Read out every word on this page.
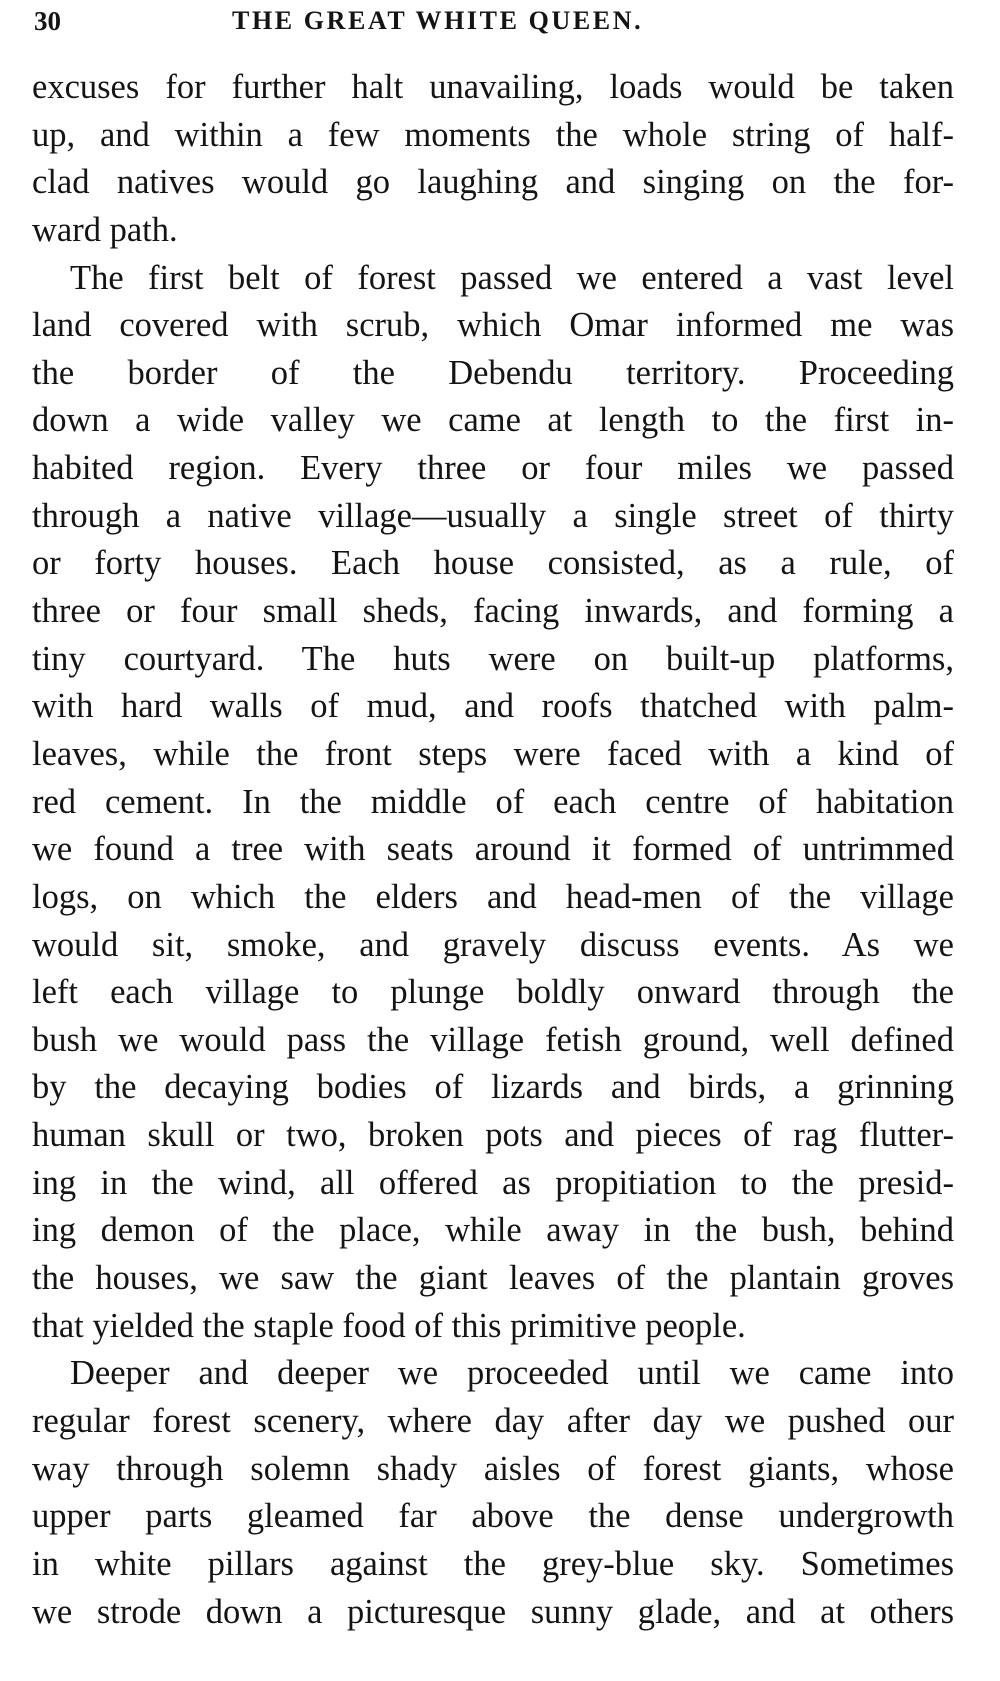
30	THE GREAT WHITE QUEEN.
excuses for further halt unavailing, loads would be taken
up, and within a few moments the whole string of half-
clad natives would go laughing and singing on the for-
ward path.
The first belt of forest passed we entered a vast level
land covered with scrub, which Omar informed me was
the border of the Debendu territory. Proceeding
down a wide valley we came at length to the first in-
habited region. Every three or four miles we passed
through a native village—usually a single street of thirty
or forty houses. Each house consisted, as a rule, of
three or four small sheds, facing inwards, and forming a
tiny courtyard. The huts were on built-up platforms,
with hard walls of mud, and roofs thatched with palm-
leaves, while the front steps were faced with a kind of
red cement. In the middle of each centre of habitation
we found a tree with seats around it formed of untrimmed
logs, on which the elders and head-men of the village
would sit, smoke, and gravely discuss events. As we
left each village to plunge boldly onward through the
bush we would pass the village fetish ground, well defined
by the decaying bodies of lizards and birds, a grinning
human skull or two, broken pots and pieces of rag flutter-
ing in the wind, all offered as propitiation to the presid-
ing demon of the place, while away in the bush, behind
the houses, we saw the giant leaves of the plantain groves
that yielded the staple food of this primitive people.
Deeper and deeper we proceeded until we came into
regular forest scenery, where day after day we pushed our
way through solemn shady aisles of forest giants, whose
upper parts gleamed far above the dense undergrowth
in white pillars against the grey-blue sky. Sometimes
we strode down a picturesque sunny glade, and at others
